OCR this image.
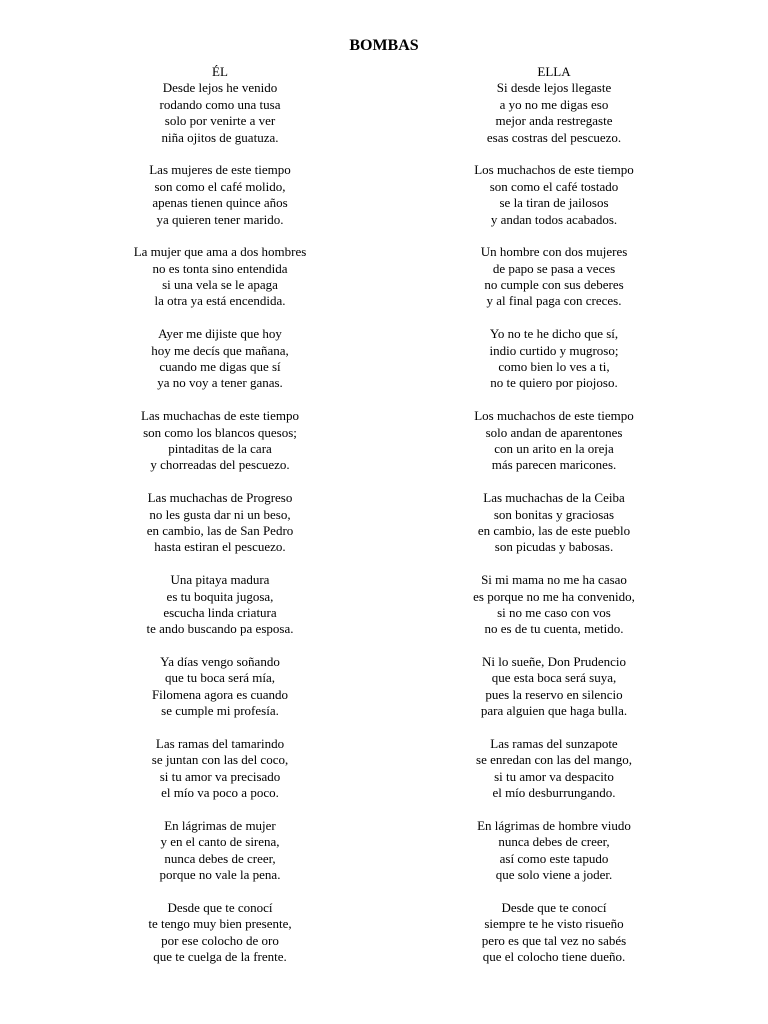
BOMBAS
ÉL
Desde lejos he venido
rodando como una tusa
solo por venirte a ver
niña ojitos de guatuza.
Las mujeres de este tiempo
son como el café molido,
apenas tienen quince años
ya quieren tener marido.
La mujer que ama a dos hombres
no es tonta sino entendida
si una vela se le apaga
la otra ya está encendida.
Ayer me dijiste que hoy
hoy me decís que mañana,
cuando me digas que sí
ya no voy a tener ganas.
Las muchachas de este tiempo
son como los blancos quesos;
pintaditas de la cara
y chorreadas del pescuezo.
Las muchachas de Progreso
no les gusta dar ni un beso,
en cambio, las de San Pedro
hasta estiran el pescuezo.
Una pitaya madura
es tu boquita jugosa,
escucha linda criatura
te ando buscando pa esposa.
Ya días vengo soñando
que tu boca será mía,
Filomena agora es cuando
se cumple mi profesía.
Las ramas del tamarindo
se juntan con las del coco,
si tu amor va precisado
el mío va poco a poco.
En lágrimas de mujer
y en el canto de sirena,
nunca debes de creer,
porque no vale la pena.
Desde que te conocí
te tengo muy bien presente,
por ese colocho de oro
que te cuelga de la frente.
ELLA
Si desde lejos llegaste
a yo no me digas eso
mejor anda restregaste
esas costras del pescuezo.
Los muchachos de este tiempo
son como el café tostado
se la tiran de jailosos
y andan todos acabados.
Un hombre con dos mujeres
de papo se pasa a veces
no cumple con sus deberes
y al final paga con creces.
Yo no te he dicho que sí,
indio curtido y mugroso;
como bien lo ves a ti,
no te quiero por piojoso.
Los muchachos de este tiempo
solo andan de aparentones
con un arito en la oreja
más parecen maricones.
Las muchachas de la Ceiba
son bonitas y graciosas
en cambio, las de este pueblo
son picudas y babosas.
Si mi mama no me ha casao
es porque no me ha convenido,
si no me caso con vos
no es de tu cuenta, metido.
Ni lo sueñe, Don Prudencio
que esta boca será suya,
pues la reservo en silencio
para alguien que haga bulla.
Las ramas del sunzapote
se enredan con las del mango,
si tu amor va despacito
el mío desburrungando.
En lágrimas de hombre viudo
nunca debes de creer,
así como este tapudo
que solo viene a joder.
Desde que te conocí
siempre te he visto risueño
pero es que tal vez no sabés
que el colocho tiene dueño.
